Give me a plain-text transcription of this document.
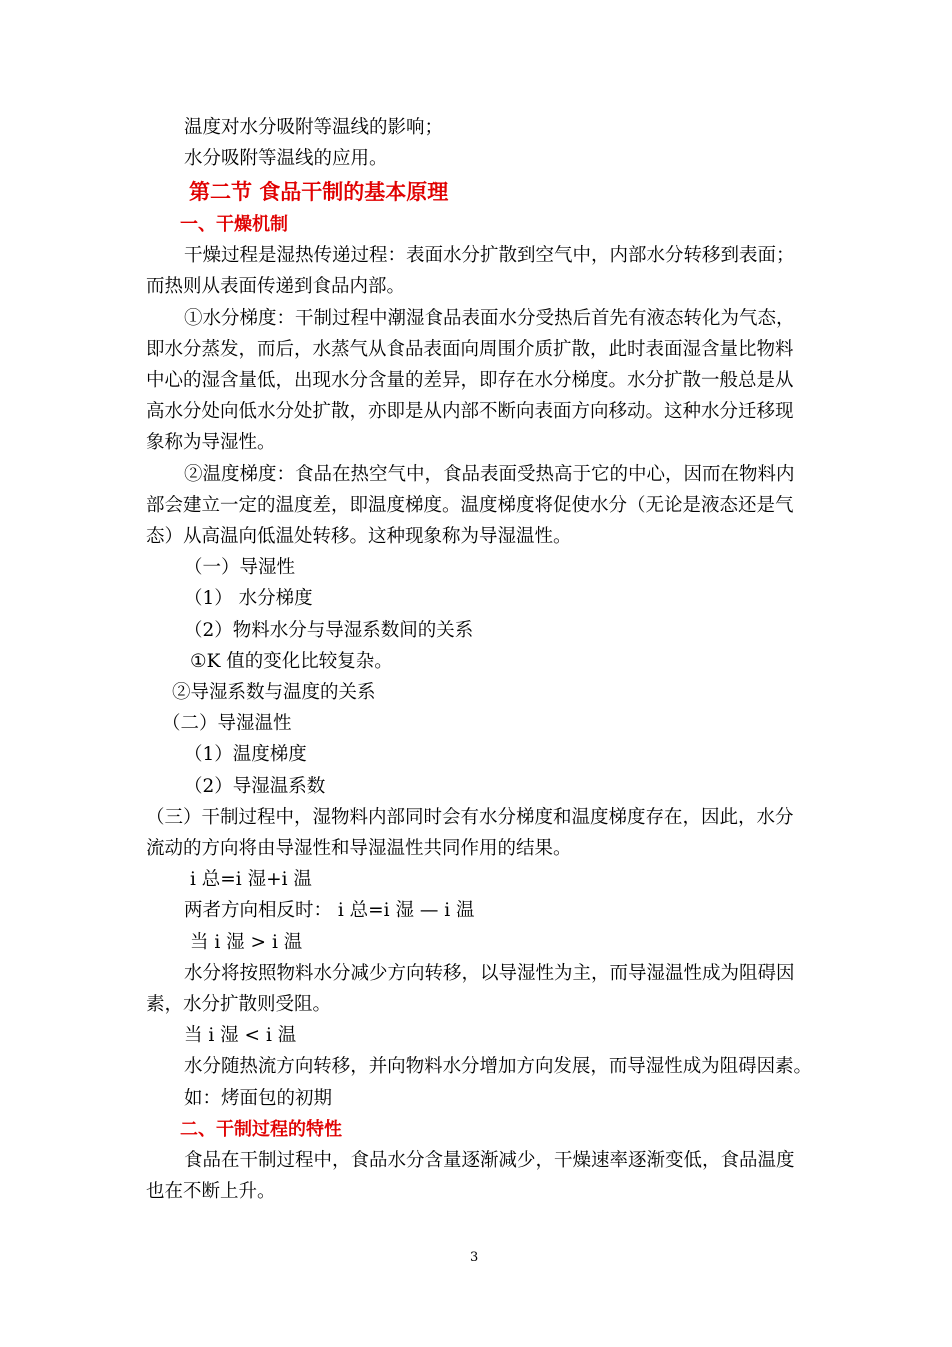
温度对水分吸附等温线的影响；
水分吸附等温线的应用。
第二节 食品干制的基本原理
一、干燥机制
干燥过程是湿热传递过程：表面水分扩散到空气中，内部水分转移到表面；
而热则从表面传递到食品内部。
①水分梯度：干制过程中潮湿食品表面水分受热后首先有液态转化为气态，
即水分蒸发，而后，水蒸气从食品表面向周围介质扩散，此时表面湿含量比物料
中心的湿含量低，出现水分含量的差异，即存在水分梯度。水分扩散一般总是从
高水分处向低水分处扩散，亦即是从内部不断向表面方向移动。这种水分迁移现
象称为导湿性。
②温度梯度：食品在热空气中，食品表面受热高于它的中心，因而在物料内
部会建立一定的温度差，即温度梯度。温度梯度将促使水分（无论是液态还是气
态）从高温向低温处转移。这种现象称为导湿温性。
（一）导湿性
（1） 水分梯度
（2）物料水分与导湿系数间的关系
①K 值的变化比较复杂。
②导湿系数与温度的关系
（二）导湿温性
（1）温度梯度
（2）导湿温系数
（三）干制过程中，湿物料内部同时会有水分梯度和温度梯度存在，因此，水分
流动的方向将由导湿性和导湿温性共同作用的结果。
i 总=i 湿+i 温
两者方向相反时： i 总=i 湿 — i 温
当 i 湿 > i 温
水分将按照物料水分减少方向转移，以导湿性为主，而导湿温性成为阻碍因
素，水分扩散则受阻。
当 i 湿 < i 温
水分随热流方向转移，并向物料水分增加方向发展，而导湿性成为阻碍因素。
如：烤面包的初期
二、干制过程的特性
食品在干制过程中，食品水分含量逐渐减少，干燥速率逐渐变低，食品温度
也在不断上升。
3
